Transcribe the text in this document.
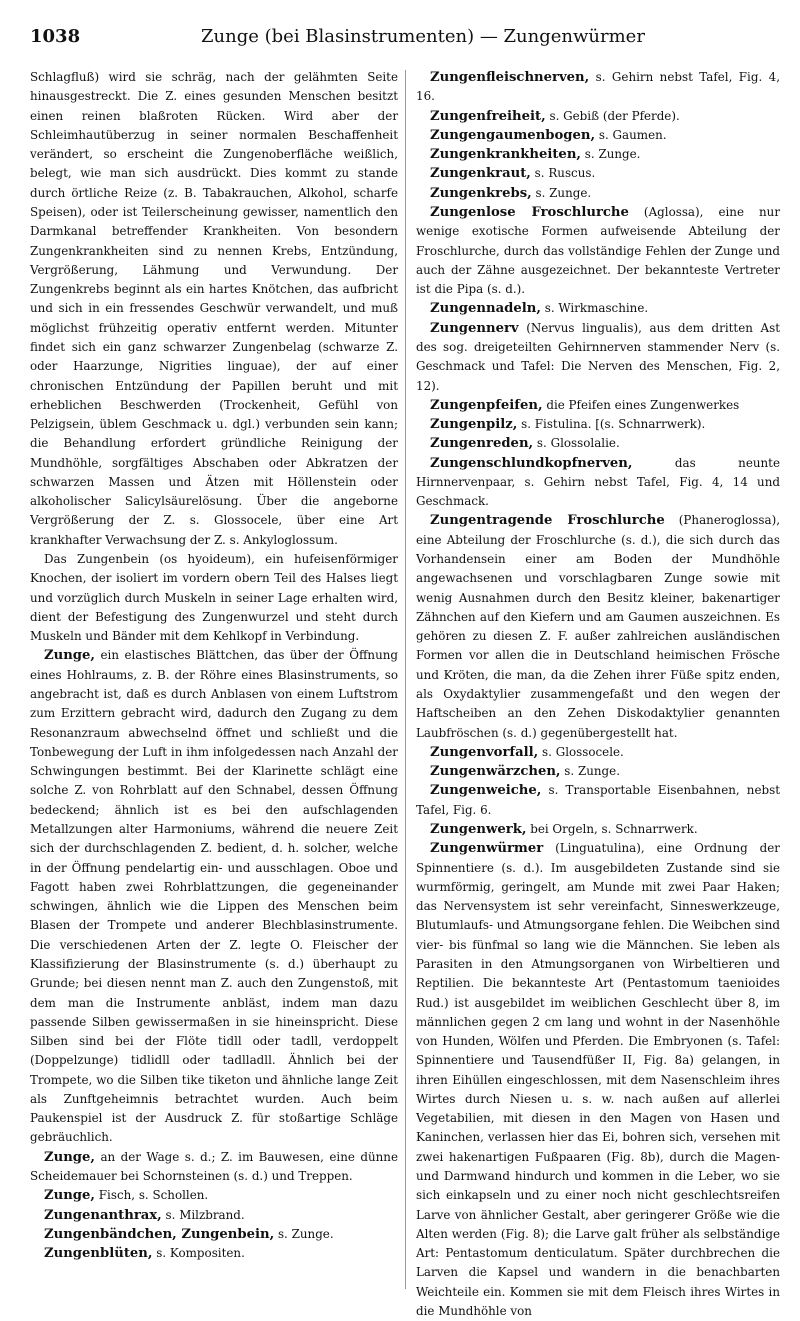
1038	Zunge (bei Blasinstrumenten) — Zungenwürmer

Schlagfluß) wird sie schräg, nach der gelähmten Seite hinausgestreckt. Die Z. eines gesunden Menschen besitzt einen reinen blaßroten Rücken. Wird aber der Schleimhautüberzug in seiner normalen Beschaffenheit verändert, so erscheint die Zungenoberfläche weißlich, belegt, wie man sich ausdrückt. Dies kommt zu stande durch örtliche Reize (z. B. Tabakrauchen, Alkohol, scharfe Speisen), oder ist Teilerscheinung gewisser, namentlich den Darmkanal betreffender Krankheiten. Von besondern Zungenkrankheiten sind zu nennen Krebs, Entzündung, Vergrößerung, Lähmung und Verwundung. Der Zungenkrebs beginnt als ein hartes Knötchen, das aufbricht und sich in ein fressendes Geschwür verwandelt, und muß möglichst frühzeitig operativ entfernt werden. Mitunter findet sich ein ganz schwarzer Zungenbelag (schwarze Z. oder Haarzunge, Nigrities linguae), der auf einer chronischen Entzündung der Papillen beruht und mit erheblichen Beschwerden (Trockenheit, Gefühl von Pelzigsein, üblem Geschmack u. dgl.) verbunden sein kann; die Behandlung erfordert gründliche Reinigung der Mundhöhle, sorgfältiges Abschaben oder Abkratzen der schwarzen Massen und Ätzen mit Höllenstein oder alkoholischer Salicylsäurelösung. Über die angeborne Vergrößerung der Z. s. Glossocele, über eine Art krankhafter Verwachsung der Z. s. Ankyloglossum.

Das Zungenbein (os hyoideum), ein hufeisenförmiger Knochen, der isoliert im vordern obern Teil des Halses liegt und vorzüglich durch Muskeln in seiner Lage erhalten wird, dient der Befestigung des Zungenwurzel und steht durch Muskeln und Bänder mit dem Kehlkopf in Verbindung.

Zunge, ein elastisches Blättchen, das über der Öffnung eines Hohlraums, z. B. der Röhre eines Blasinstruments, so angebracht ist, daß es durch Anblasen von einem Luftstrom zum Erzittern gebracht wird, dadurch den Zugang zu dem Resonanzraum abwechselnd öffnet und schließt und die Tonbewegung der Luft in ihm infolgedessen nach Anzahl der Schwingungen bestimmt. Bei der Klarinette schlägt eine solche Z. von Rohrblatt auf den Schnabel, dessen Öffnung bedeckend; ähnlich ist es bei den aufschlagenden Metallzungen alter Harmoniums, während die neuere Zeit sich der durchschlagenden Z. bedient, d. h. solcher, welche in der Öffnung pendelartig ein- und ausschlagen. Oboe und Fagott haben zwei Rohrblattzungen, die gegeneinander schwingen, ähnlich wie die Lippen des Menschen beim Blasen der Trompete und anderer Blechblasinstrumente. Die verschiedenen Arten der Z. legte O. Fleischer der Klassifizierung der Blasinstrumente (s. d.) überhaupt zu Grunde; bei diesen nennt man Z. auch den Zungenstoß, mit dem man die Instrumente anbläst, indem man dazu passende Silben gewissermaßen in sie hineinspricht. Diese Silben sind bei der Flöte tidll oder tadll, verdoppelt (Doppelzunge) tidlidll oder tadlladll. Ähnlich bei der Trompete, wo die Silben tike tiketon und ähnliche lange Zeit als Zunftgeheimnis betrachtet wurden. Auch beim Paukenspiel ist der Ausdruck Z. für stoßartige Schläge gebräuchlich.

Zunge, an der Wage s. d.; Z. im Bauwesen, eine dünne Scheidemauer bei Schornsteinen (s. d.) und Treppen.

Zunge, Fisch, s. Schollen.

Zungenanthrax, s. Milzbrand.

Zungenbändchen, Zungenbein, s. Zunge.

Zungenblüten, s. Kompositen.

Zungenfleischnerven, s. Gehirn nebst Tafel, Fig. 4, 16.

Zungenfreiheit, s. Gebiß (der Pferde).

Zungengaumenbogen, s. Gaumen.

Zungenkrankheiten, s. Zunge.

Zungenkraut, s. Ruscus.

Zungenkrebs, s. Zunge.

Zungenlose Froschlurche (Aglossa), eine nur wenige exotische Formen aufweisende Abteilung der Froschlurche, durch das vollständige Fehlen der Zunge und auch der Zähne ausgezeichnet. Der bekannteste Vertreter ist die Pipa (s. d.).

Zungennadeln, s. Wirkmaschine.

Zungennerv (Nervus lingualis), aus dem dritten Ast des sog. dreigeteilten Gehirnnerven stammender Nerv (s. Geschmack und Tafel: Die Nerven des Menschen, Fig. 2, 12).

Zungenpfeifen, die Pfeifen eines Zungenwerkes

Zungenpilz, s. Fistulina. [(s. Schnarrwerk).

Zungenreden, s. Glossolalie.

Zungenschlundkopfnerven, das neunte Hirnnervenpaar, s. Gehirn nebst Tafel, Fig. 4, 14 und Geschmack.

Zungentragende Froschlurche (Phaneroglossa), eine Abteilung der Froschlurche (s. d.), die sich durch das Vorhandensein einer am Boden der Mundhöhle angewachsenen und vorschlagbaren Zunge sowie mit wenig Ausnahmen durch den Besitz kleiner, bakenartiger Zähnchen auf den Kiefern und am Gaumen auszeichnen. Es gehören zu diesen Z. F. außer zahlreichen ausländischen Formen vor allen die in Deutschland heimischen Frösche und Kröten, die man, da die Zehen ihrer Füße spitz enden, als Oxydaktylier zusammengefaßt und den wegen der Haftscheiben an den Zehen Diskodaktylier genannten Laubfröschen (s. d.) gegenübergestellt hat.

Zungenvorfall, s. Glossocele.

Zungenwärzchen, s. Zunge.

Zungenweiche, s. Transportable Eisenbahnen, nebst Tafel, Fig. 6.

Zungenwerk, bei Orgeln, s. Schnarrwerk.

Zungenwürmer (Linguatulina), eine Ordnung der Spinnentiere (s. d.). Im ausgebildeten Zustande sind sie wurmförmig, geringelt, am Munde mit zwei Paar Haken; das Nervensystem ist sehr vereinfacht, Sinneswerkzeuge, Blutumlaufs- und Atmungsorgane fehlen. Die Weibchen sind vier- bis fünfmal so lang wie die Männchen. Sie leben als Parasiten in den Atmungsorganen von Wirbeltieren und Reptilien. Die bekannteste Art (Pentastomum taenioides Rud.) ist ausgebildet im weiblichen Geschlecht über 8, im männlichen gegen 2 cm lang und wohnt in der Nasenhöhle von Hunden, Wölfen und Pferden. Die Embryonen (s. Tafel: Spinnentiere und Tausendfüßer II, Fig. 8a) gelangen, in ihren Eihüllen eingeschlossen, mit dem Nasenschleim ihres Wirtes durch Niesen u. s. w. nach außen auf allerlei Vegetabilien, mit diesen in den Magen von Hasen und Kaninchen, verlassen hier das Ei, bohren sich, versehen mit zwei hakenartigen Fußpaaren (Fig. 8b), durch die Magen- und Darmwand hindurch und kommen in die Leber, wo sie sich einkapseln und zu einer noch nicht geschlechtsreifen Larve von ähnlicher Gestalt, aber geringerer Größe wie die Alten werden (Fig. 8); die Larve galt früher als selbständige Art: Pentastomum denticulatum. Später durchbrechen die Larven die Kapsel und wandern in die benachbarten Weichteile ein. Kommen sie mit dem Fleisch ihres Wirtes in die Mundhöhle von
